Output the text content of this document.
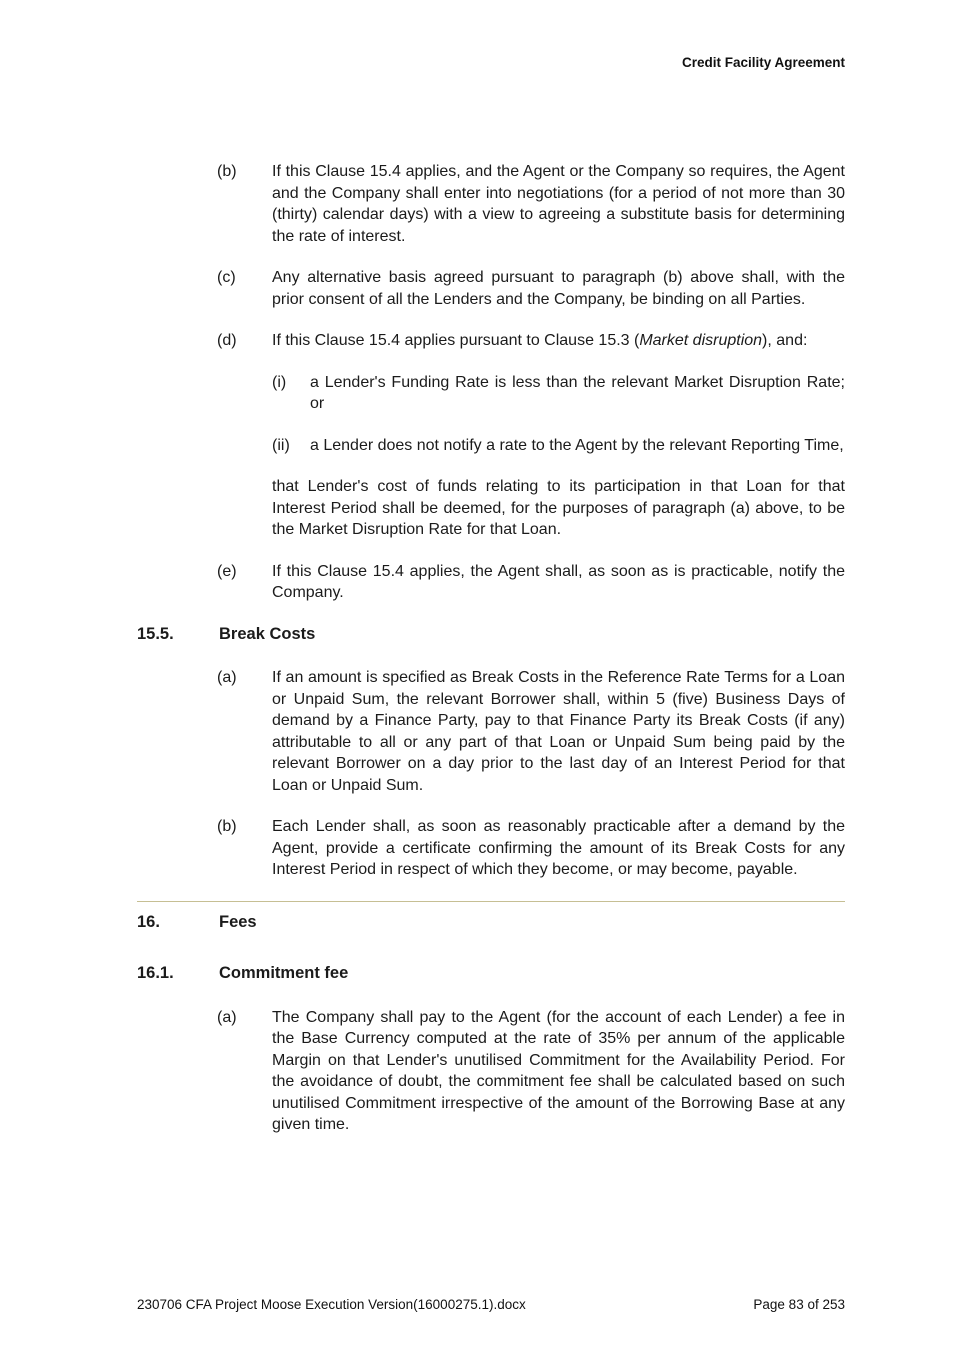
Credit Facility Agreement
(b) If this Clause 15.4 applies, and the Agent or the Company so requires, the Agent and the Company shall enter into negotiations (for a period of not more than 30 (thirty) calendar days) with a view to agreeing a substitute basis for determining the rate of interest.
(c) Any alternative basis agreed pursuant to paragraph (b) above shall, with the prior consent of all the Lenders and the Company, be binding on all Parties.
(d) If this Clause 15.4 applies pursuant to Clause 15.3 (Market disruption), and:
(i) a Lender's Funding Rate is less than the relevant Market Disruption Rate; or
(ii) a Lender does not notify a rate to the Agent by the relevant Reporting Time,
that Lender's cost of funds relating to its participation in that Loan for that Interest Period shall be deemed, for the purposes of paragraph (a) above, to be the Market Disruption Rate for that Loan.
(e) If this Clause 15.4 applies, the Agent shall, as soon as is practicable, notify the Company.
15.5.	Break Costs
(a) If an amount is specified as Break Costs in the Reference Rate Terms for a Loan or Unpaid Sum, the relevant Borrower shall, within 5 (five) Business Days of demand by a Finance Party, pay to that Finance Party its Break Costs (if any) attributable to all or any part of that Loan or Unpaid Sum being paid by the relevant Borrower on a day prior to the last day of an Interest Period for that Loan or Unpaid Sum.
(b) Each Lender shall, as soon as reasonably practicable after a demand by the Agent, provide a certificate confirming the amount of its Break Costs for any Interest Period in respect of which they become, or may become, payable.
16.	Fees
16.1.	Commitment fee
(a) The Company shall pay to the Agent (for the account of each Lender) a fee in the Base Currency computed at the rate of 35% per annum of the applicable Margin on that Lender's unutilised Commitment for the Availability Period. For the avoidance of doubt, the commitment fee shall be calculated based on such unutilised Commitment irrespective of the amount of the Borrowing Base at any given time.
230706 CFA Project Moose Execution Version(16000275.1).docx	Page 83 of 253
